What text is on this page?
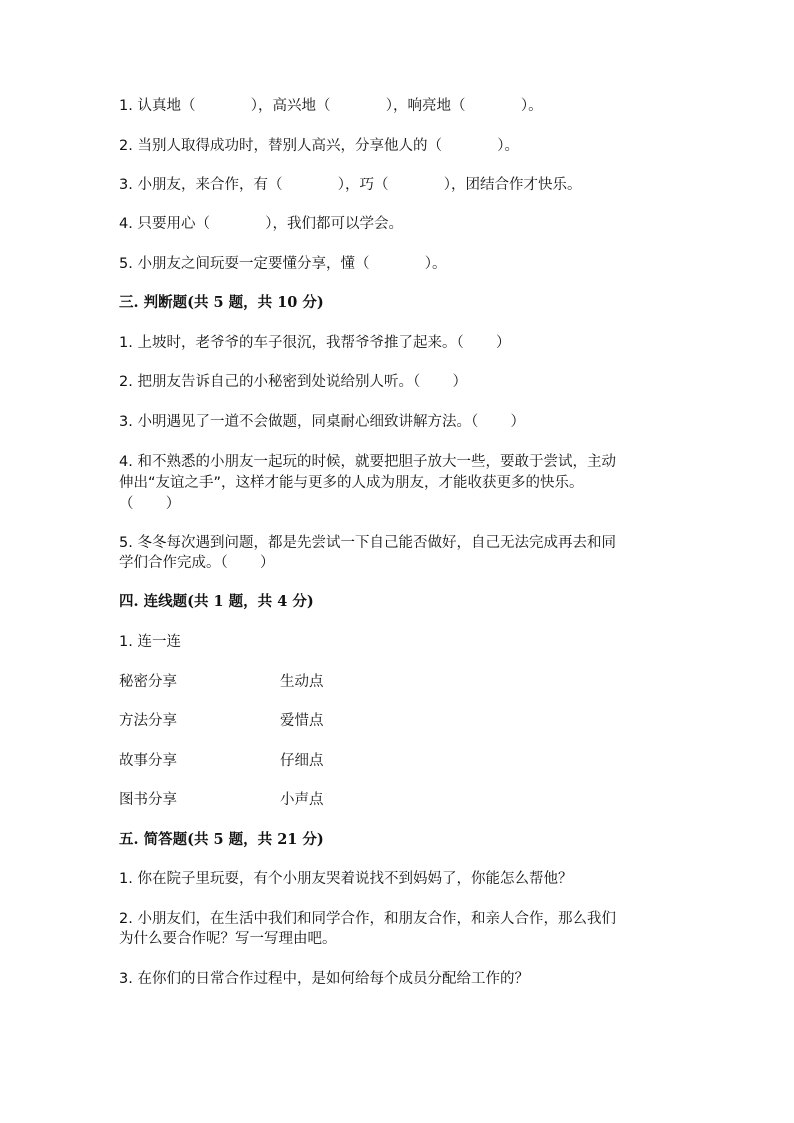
1. 认真地（            ），高兴地（            ），响亮地（            ）。
2. 当别人取得成功时，替别人高兴，分享他人的（            ）。
3. 小朋友，来合作，有（            ），巧（            ），团结合作才快乐。
4. 只要用心（            ），我们都可以学会。
5. 小朋友之间玩耍一定要懂分享，懂（            ）。
三. 判断题(共 5 题，共 10 分)
1. 上坡时，老爷爷的车子很沉，我帮爷爷推了起来。（       ）
2. 把朋友告诉自己的小秘密到处说给别人听。（       ）
3. 小明遇见了一道不会做题，同桌耐心细致讲解方法。（       ）
4. 和不熟悉的小朋友一起玩的时候，就要把胆子放大一些，要敢于尝试，主动
伸出“友谊之手”，这样才能与更多的人成为朋友，才能收获更多的快乐。
（       ）
5. 冬冬每次遇到问题，都是先尝试一下自己能否做好，自己无法完成再去和同
学们合作完成。（       ）
四. 连线题(共 1 题，共 4 分)
1. 连一连
秘密分享	生动点
方法分享	爱惜点
故事分享	仔细点
图书分享	小声点
五. 简答题(共 5 题，共 21 分)
1. 你在院子里玩耍，有个小朋友哭着说找不到妈妈了，你能怎么帮他？
2. 小朋友们，在生活中我们和同学合作，和朋友合作，和亲人合作，那么我们
为什么要合作呢？写一写理由吧。
3. 在你们的日常合作过程中，是如何给每个成员分配给工作的？
